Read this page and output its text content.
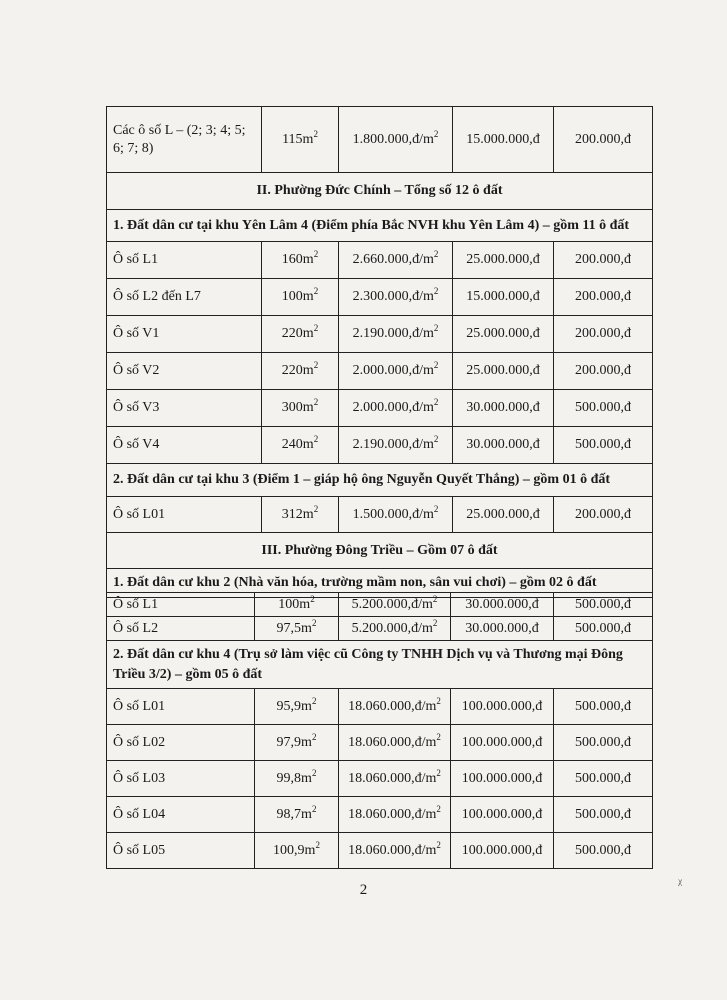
Các ô số L – (2; 3; 4; 5; 6; 7; 8)	$115m^2$	$1.800.000,đ/m^2$	15.000.000,đ	200.000,đ
II. Phường Đức Chính – Tổng số 12 ô đất				
1. Đất dân cư tại khu Yên Lâm 4 (Điểm phía Bắc NVH khu Yên Lâm 4) – gồm 11 ô đất				
Ô số L1	$160m^2$	$2.660.000,đ/m^2$	25.000.000,đ	200.000,đ
Ô số L2 đến L7	$100m^2$	$2.300.000,đ/m^2$	15.000.000,đ	200.000,đ
Ô số V1	$220m^2$	$2.190.000,đ/m^2$	25.000.000,đ	200.000,đ
Ô số V2	$220m^2$	$2.000.000,đ/m^2$	25.000.000,đ	200.000,đ
Ô số V3	$300m^2$	$2.000.000,đ/m^2$	30.000.000,đ	500.000,đ
Ô số V4	$240m^2$	$2.190.000,đ/m^2$	30.000.000,đ	500.000,đ
2. Đất dân cư tại khu 3 (Điểm 1 – giáp hộ ông Nguyễn Quyết Thắng) – gồm 01 ô đất				
Ô số L01	$312m^2$	$1.500.000,đ/m^2$	25.000.000,đ	200.000,đ
III. Phường Đông Triều – Gồm 07 ô đất				
1. Đất dân cư khu 2 (Nhà văn hóa, trường mầm non, sân vui chơi) – gồm 02 ô đất				
Ô số L1	$100m^2$	$5.200.000,đ/m^2$	30.000.000,đ	500.000,đ
Ô số L2	$97,5m^2$	$5.200.000,đ/m^2$	30.000.000,đ	500.000,đ
2. Đất dân cư khu 4 (Trụ sở làm việc cũ Công ty TNHH Dịch vụ và Thương mại Đông Triều 3/2) – gồm 05 ô đất				
Ô số L01	$95,9m^2$	$18.060.000,đ/m^2$	100.000.000,đ	500.000,đ
Ô số L02	$97,9m^2$	$18.060.000,đ/m^2$	100.000.000,đ	500.000,đ
Ô số L03	$99,8m^2$	$18.060.000,đ/m^2$	100.000.000,đ	500.000,đ
Ô số L04	$98,7m^2$	$18.060.000,đ/m^2$	100.000.000,đ	500.000,đ
Ô số L05	$100,9m^2$	$18.060.000,đ/m^2$	100.000.000,đ	500.000,đ
2	ᵡ
